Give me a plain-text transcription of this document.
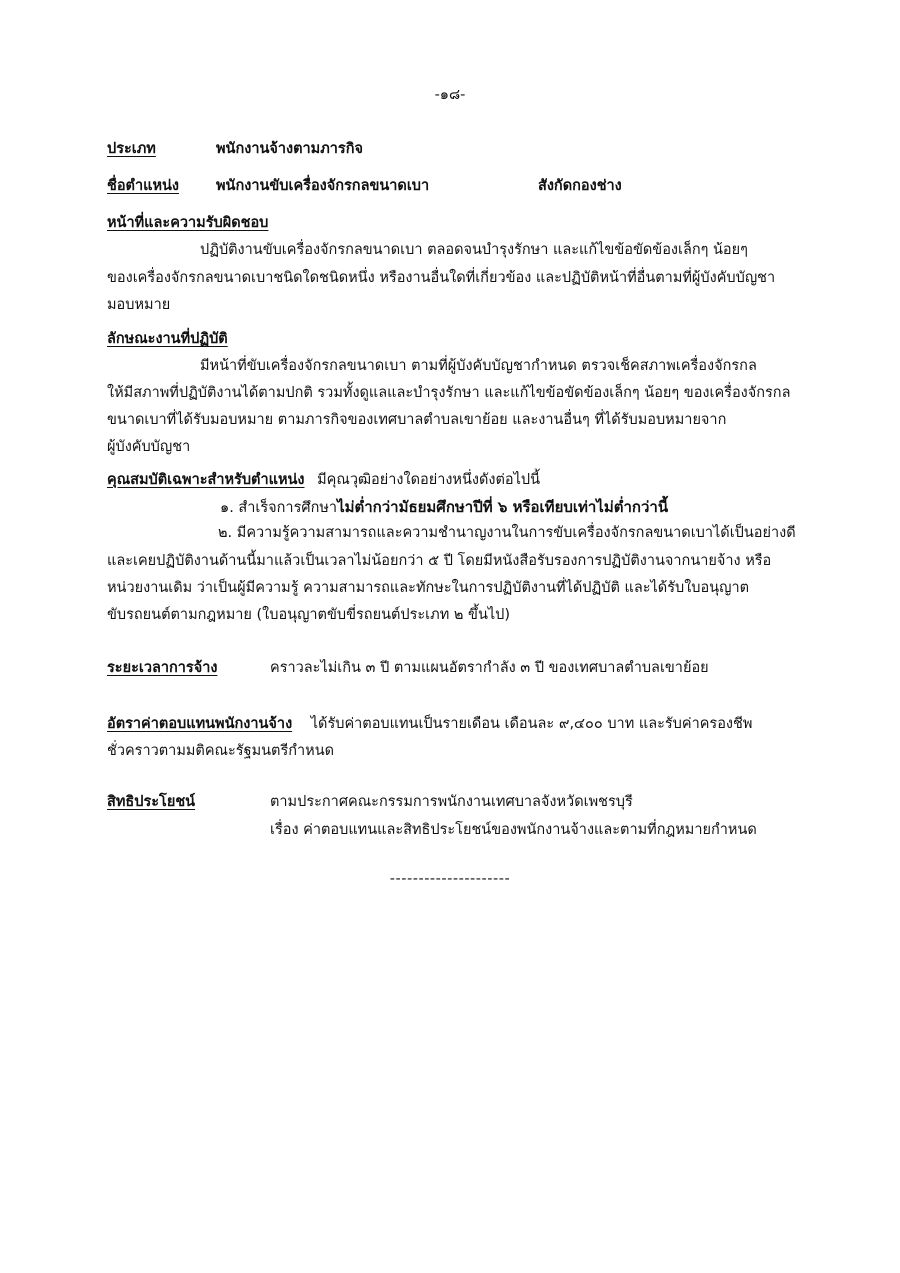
-๑๘-
ประเภท	พนักงานจ้างตามภารกิจ
ชื่อตำแหน่ง	พนักงานขับเครื่องจักรกลขนาดเบา	สังกัดกองช่าง
หน้าที่และความรับผิดชอบ
ปฏิบัติงานขับเครื่องจักรกลขนาดเบา ตลอดจนบำรุงรักษา และแก้ไขข้อขัดข้องเล็กๆ น้อยๆ
ของเครื่องจักรกลขนาดเบาชนิดใดชนิดหนึ่ง หรืองานอื่นใดที่เกี่ยวข้อง และปฏิบัติหน้าที่อื่นตามที่ผู้บังคับบัญชา
มอบหมาย
ลักษณะงานที่ปฏิบัติ
มีหน้าที่ขับเครื่องจักรกลขนาดเบา ตามที่ผู้บังคับบัญชากำหนด ตรวจเช็คสภาพเครื่องจักรกล
ให้มีสภาพที่ปฏิบัติงานได้ตามปกติ รวมทั้งดูแลและบำรุงรักษา และแก้ไขข้อขัดข้องเล็กๆ น้อยๆ ของเครื่องจักรกล
ขนาดเบาที่ได้รับมอบหมาย ตามภารกิจของเทศบาลตำบลเขาย้อย และงานอื่นๆ ที่ได้รับมอบหมายจาก
ผู้บังคับบัญชา
คุณสมบัติเฉพาะสำหรับตำแหน่ง มีคุณวุฒิอย่างใดอย่างหนึ่งดังต่อไปนี้
๑. สำเร็จการศึกษาไม่ต่ำกว่ามัธยมศึกษาปีที่ ๖ หรือเทียบเท่าไม่ต่ำกว่านี้
๒. มีความรู้ความสามารถและความชำนาญงานในการขับเครื่องจักรกลขนาดเบาได้เป็นอย่างดี
และเคยปฏิบัติงานด้านนี้มาแล้วเป็นเวลาไม่น้อยกว่า ๕ ปี โดยมีหนังสือรับรองการปฏิบัติงานจากนายจ้าง หรือ
หน่วยงานเดิม ว่าเป็นผู้มีความรู้ ความสามารถและทักษะในการปฏิบัติงานที่ได้ปฏิบัติ และได้รับใบอนุญาต
ขับรถยนต์ตามกฎหมาย (ใบอนุญาตขับขี่รถยนต์ประเภท ๒ ขึ้นไป)
ระยะเวลาการจ้าง	คราวละไม่เกิน ๓ ปี ตามแผนอัตรากำลัง ๓ ปี ของเทศบาลตำบลเขาย้อย
อัตราค่าตอบแทนพนักงานจ้าง ได้รับค่าตอบแทนเป็นรายเดือน เดือนละ ๙,๔๐๐ บาท และรับค่าครองชีพ
ชั่วคราวตามมติคณะรัฐมนตรีกำหนด
สิทธิประโยชน์	ตามประกาศคณะกรรมการพนักงานเทศบาลจังหวัดเพชรบุรี
เรื่อง ค่าตอบแทนและสิทธิประโยชน์ของพนักงานจ้างและตามที่กฎหมายกำหนด
---------------------
